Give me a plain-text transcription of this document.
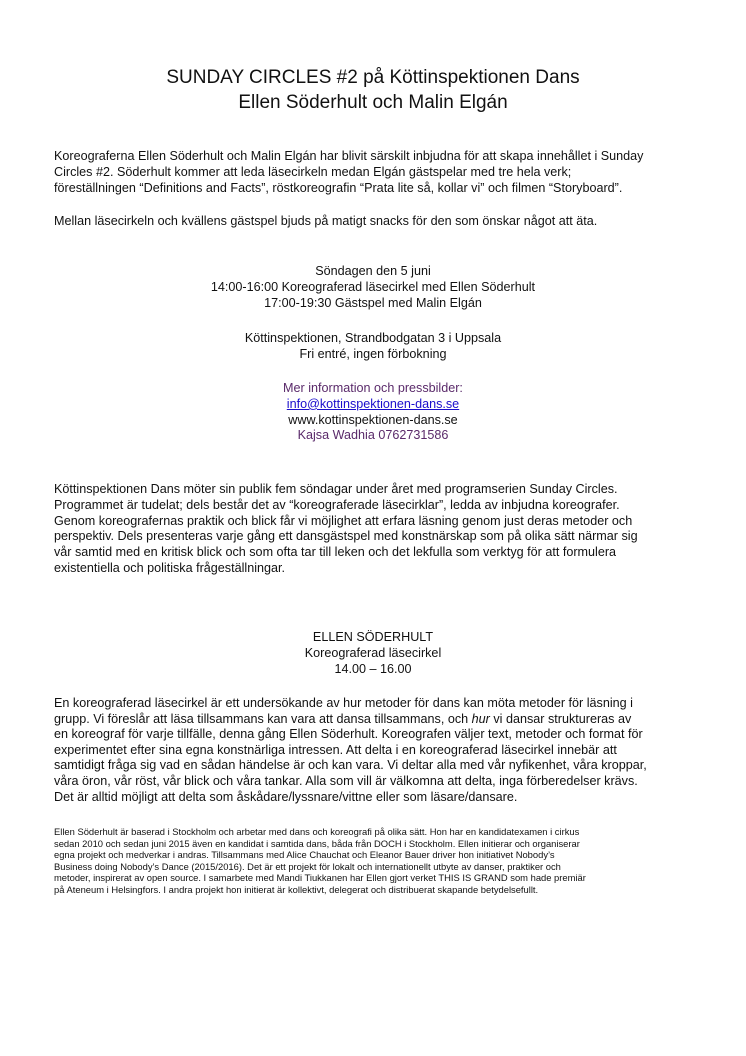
SUNDAY CIRCLES #2 på Köttinspektionen Dans
Ellen Söderhult och Malin Elgán
Koreograferna Ellen Söderhult och Malin Elgán har blivit särskilt inbjudna för att skapa innehållet i Sunday
Circles #2. Söderhult kommer att leda läsecirkeln medan Elgán gästspelar med tre hela verk;
föreställningen “Definitions and Facts”, röstkoreografin “Prata lite så, kollar vi” och filmen “Storyboard”.
Mellan läsecirkeln och kvällens gästspel bjuds på matigt snacks för den som önskar något att äta.
Söndagen den 5 juni
14:00-16:00 Koreograferad läsecirkel med Ellen Söderhult
17:00-19:30 Gästspel med Malin Elgán
Köttinspektionen, Strandbodgatan 3 i Uppsala
Fri entré, ingen förbokning
Mer information och pressbilder:
info@kottinspektionen-dans.se
www.kottinspektionen-dans.se
Kajsa Wadhia 0762731586
Köttinspektionen Dans möter sin publik fem söndagar under året med programserien Sunday Circles.
Programmet är tudelat; dels består det av “koreograferade läsecirklar”, ledda av inbjudna koreografer.
Genom koreografernas praktik och blick får vi möjlighet att erfara läsning genom just deras metoder och
perspektiv. Dels presenteras varje gång ett dansgästspel med konstnärskap som på olika sätt närmar sig
vår samtid med en kritisk blick och som ofta tar till leken och det lekfulla som verktyg för att formulera
existentiella och politiska frågeställningar.
ELLEN SÖDERHULT
Koreograferad läsecirkel
14.00 – 16.00
En koreograferad läsecirkel är ett undersökande av hur metoder för dans kan möta metoder för läsning i
grupp. Vi föreslår att läsa tillsammans kan vara att dansa tillsammans, och hur vi dansar struktureras av
en koreograf för varje tillfälle, denna gång Ellen Söderhult. Koreografen väljer text, metoder och format för
experimentet efter sina egna konstnärliga intressen. Att delta i en koreograferad läsecirkel innebär att
samtidigt fråga sig vad en sådan händelse är och kan vara. Vi deltar alla med vår nyfikenhet, våra kroppar,
våra öron, vår röst, vår blick och våra tankar. Alla som vill är välkomna att delta, inga förberedelser krävs.
Det är alltid möjligt att delta som åskådare/lyssnare/vittne eller som läsare/dansare.
Ellen Söderhult är baserad i Stockholm och arbetar med dans och koreografi på olika sätt. Hon har en kandidatexamen i cirkus
sedan 2010 och sedan juni 2015 även en kandidat i samtida dans, båda från DOCH i Stockholm. Ellen initierar och organiserar
egna projekt och medverkar i andras. Tillsammans med Alice Chauchat och Eleanor Bauer driver hon initiativet Nobody’s
Business doing Nobody’s Dance (2015/2016). Det är ett projekt för lokalt och internationellt utbyte av danser, praktiker och
metoder, inspirerat av open source. I samarbete med Mandi Tiukkanen har Ellen gjort verket THIS IS GRAND som hade premiär
på Ateneum i Helsingfors. I andra projekt hon initierat är kollektivt, delegerat och distribuerat skapande betydelsefullt.
